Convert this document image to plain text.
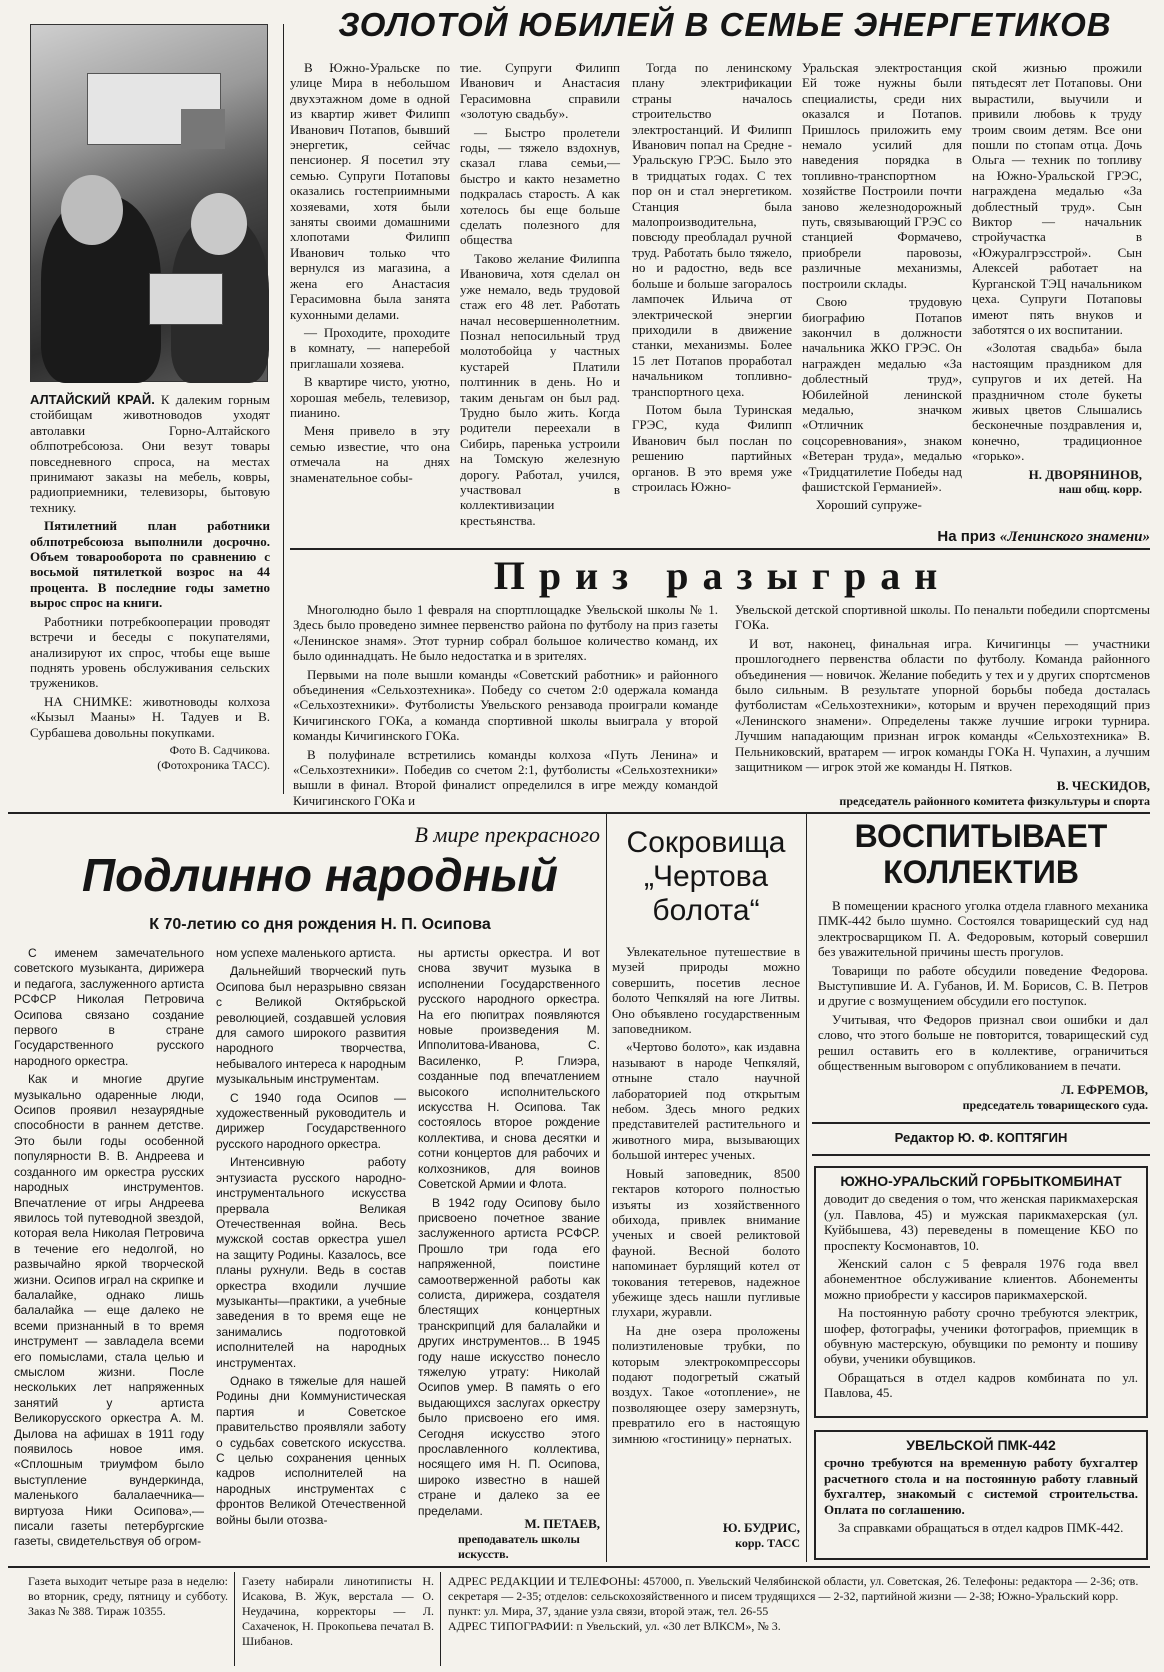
ЗОЛОТОЙ ЮБИЛЕЙ В СЕМЬЕ ЭНЕРГЕТИКОВ

АЛТАЙСКИЙ КРАЙ. К далеким горным стойбищам животноводов уходят автолавки Горно-Алтайского облпотребсоюза. Они везут товары повседневного спроса, на местах принимают заказы на мебель, ковры, радиоприемники, телевизоры, бытовую технику.

Пятилетний план работники облпотребсоюза выполнили досрочно. Объем товарооборота по сравнению с восьмой пятилеткой возрос на 44 процента. В последние годы заметно вырос спрос на книги.

Работники потребкооперации проводят встречи и беседы с покупателями, анализируют их спрос, чтобы еще выше поднять уровень обслуживания сельских тружеников.

НА СНИМКЕ: животноводы колхоза «Кызыл Мааны» Н. Тадуев и В. Сурбашева довольны покупками.

Фото В. Садчикова.
(Фотохроника ТАСС).

В Южно-Уральске по улице Мира в небольшом двухэтажном доме в одной из квартир живет Филипп Иванович Потапов, бывший энергетик, сейчас пенсионер. Я посетил эту семью. Супруги Потаповы оказались гостеприимными хозяевами, хотя были заняты своими домашними хлопотами Филипп Иванович только что вернулся из магазина, а жена его Анастасия Герасимовна была занята кухонными делами.

— Проходите, проходите в комнату, — наперебой приглашали хозяева.

В квартире чисто, уютно, хорошая мебель, телевизор, пианино.

Меня привело в эту семью известие, что она отмечала на днях знаменательное собы-

тие. Супруги Филипп Иванович и Анастасия Герасимовна справили «золотую свадьбу».

— Быстро пролетели годы, — тяжело вздохнув, сказал глава семьи,— быстро и както незаметно подкралась старость. А как хотелось бы еще больше сделать полезного для общества

Таково желание Филиппа Ивановича, хотя сделал он уже немало, ведь трудовой стаж его 48 лет. Работать начал несовершеннолетним. Познал непосильный труд молотобойца у частных кустарей Платили полтинник в день. Но и таким деньгам он был рад. Трудно было жить. Когда родители переехали в Сибирь, паренька устроили на Томскую железную дорогу. Работал, учился, участвовал в коллективизации крестьянства.

Тогда по ленинскому плану электрификации страны началось строительство электростанций. И Филипп Иванович попал на Средне - Уральскую ГРЭС. Было это в тридцатых годах. С тех пор он и стал энергетиком. Станция была малопроизводительна, повсюду преобладал ручной труд. Работать было тяжело, но и радостно, ведь все больше и больше загоралось лампочек Ильича от электрической энергии приходили в движение станки, механизмы. Более 15 лет Потапов проработал начальником топливно-транспортного цеха.

Потом была Туринская ГРЭС, куда Филипп Иванович был послан по решению партийных органов. В это время уже строилась Южно-

Уральская электростанция Ей тоже нужны были специалисты, среди них оказался и Потапов. Пришлось приложить ему немало усилий для наведения порядка в топливно-транспортном хозяйстве Построили почти заново железнодорожный путь, связывающий ГРЭС со станцией Формачево, приобрели паровозы, различные механизмы, построили склады.

Свою трудовую биографию Потапов закончил в должности начальника ЖКО ГРЭС. Он награжден медалью «За доблестный труд», Юбилейной ленинской медалью, значком «Отличник соцсоревнования», знаком «Ветеран труда», медалью «Тридцатилетие Победы над фашистской Германией».

Хороший супруже-

ской жизнью прожили пятьдесят лет Потаповы. Они вырастили, выучили и привили любовь к труду троим своим детям. Все они пошли по стопам отца. Дочь Ольга — техник по топливу на Южно-Уральской ГРЭС, награждена медалью «За доблестный труд». Сын Виктор — начальник стройучастка в «Южуралгрэсстрой». Сын Алексей работает на Курганской ТЭЦ начальником цеха. Супруги Потаповы имеют пять внуков и заботятся о их воспитании.

«Золотая свадьба» была настоящим праздником для супругов и их детей. На праздничном столе букеты живых цветов Слышались бесконечные поздравления и, конечно, традиционное «горько».

Н. ДВОРЯНИНОВ,
наш общ. корр.
На приз «Ленинского знамени»
Приз разыгран

Многолюдно было 1 февраля на спортплощадке Увельской школы № 1. Здесь было проведено зимнее первенство района по футболу на приз газеты «Ленинское знамя». Этот турнир собрал большое количество команд, их было одиннадцать. Не было недостатка и в зрителях.

Первыми на поле вышли команды «Советский работник» и районного объединения «Сельхозтехника». Победу со счетом 2:0 одержала команда «Сельхозтехники». Футболисты Увельского рензавода проиграли команде Кичигинского ГОКа, а команда спортивной школы выиграла у второй команды Кичигинского ГОКа.

В полуфинале встретились команды колхоза «Путь Ленина» и «Сельхозтехники». Победив со счетом 2:1, футболисты «Сельхозтехники» вышли в финал. Второй финалист определился в игре между командой Кичигинского ГОКа и

Увельской детской спортивной школы. По пенальти победили спортсмены ГОКа.

И вот, наконец, финальная игра. Кичигинцы — участники прошлогоднего первенства области по футболу. Команда районного объединения — новичок. Желание победить у тех и у других спортсменов было сильным. В результате упорной борьбы победа досталась футболистам «Сельхозтехники», которым и вручен переходящий приз «Ленинского знамени». Определены также лучшие игроки турнира. Лучшим нападающим признан игрок команды «Сельхозтехника» В. Пельниковский, вратарем — игрок команды ГОКа Н. Чупахин, а лучшим защитником — игрок этой же команды Н. Пятков.

В. ЧЕСКИДОВ,
председатель районного комитета физкультуры и спорта
В мире прекрасного
Подлинно народный
К 70-летию со дня рождения Н. П. Осипова

С именем замечательного советского музыканта, дирижера и педагога, заслуженного артиста РСФСР Николая Петровича Осипова связано создание первого в стране Государственного русского народного оркестра.

Как и многие другие музыкально одаренные люди, Осипов проявил незаурядные способности в раннем детстве. Это были годы особенной популярности В. В. Андреева и созданного им оркестра русских народных инструментов. Впечатление от игры Андреева явилось той путеводной звездой, которая вела Николая Петровича в течение его недолгой, но развычайно яркой творческой жизни. Осипов играл на скрипке и балалайке, однако лишь балалайка — еще далеко не всеми признанный в то время инструмент — завладела всеми его помыслами, стала целью и смыслом жизни. После нескольких лет напряженных занятий у артиста Великорусского оркестра А. М. Дылова на афишах в 1911 году появилось новое имя. «Сплошным триумфом было выступление вундеркинда, маленького балалаечника—виртуоза Ники Осипова»,—писали газеты петербургские газеты, свидетельствуя об огром-

ном успехе маленького артиста.

Дальнейший творческий путь Осипова был неразрывно связан с Великой Октябрьской революцией, создавшей условия для самого широкого развития народного творчества, небывалого интереса к народным музыкальным инструментам.

С 1940 года Осипов — художественный руководитель и дирижер Государственного русского народного оркестра.

Интенсивную работу энтузиаста русского народно-инструментального искусства прервала Великая Отечественная война. Весь мужской состав оркестра ушел на защиту Родины. Казалось, все планы рухнули. Ведь в состав оркестра входили лучшие музыканты—практики, а учебные заведения в то время еще не занимались подготовкой исполнителей на народных инструментах.

Однако в тяжелые для нашей Родины дни Коммунистическая партия и Советское правительство проявляли заботу о судьбах советского искусства. С целью сохранения ценных кадров исполнителей на народных инструментах с фронтов Великой Отечественной войны были отозва-

ны артисты оркестра. И вот снова звучит музыка в исполнении Государственного русского народного оркестра. На его пюпитрах появляются новые произведения М. Ипполитова-Иванова, С. Василенко, Р. Глиэра, созданные под впечатлением высокого исполнительского искусства Н. Осипова. Так состоялось второе рождение коллектива, и снова десятки и сотни концертов для рабочих и колхозников, для воинов Советской Армии и Флота.

В 1942 году Осипову было присвоено почетное звание заслуженного артиста РСФСР. Прошло три года его напряженной, поистине самоотверженной работы как солиста, дирижера, создателя блестящих концертных транскрипций для балалайки и других инструментов... В 1945 году наше искусство понесло тяжелую утрату: Николай Осипов умер. В память о его выдающихся заслугах оркестру было присвоено его имя. Сегодня искусство этого прославленного коллектива, носящего имя Н. П. Осипова, широко известно в нашей стране и далеко за ее пределами.

М. ПЕТАЕВ,
преподаватель школы искусств.
Сокровища
„Чертова
болота“

Увлекательное путешествие в музей природы можно совершить, посетив лесное болото Чепкяляй на юге Литвы. Оно объявлено государственным заповедником.

«Чертово болото», как издавна называют в народе Чепкяляй, отныне стало научной лабораторией под открытым небом. Здесь много редких представителей растительного и животного мира, вызывающих большой интерес ученых.

Новый заповедник, 8500 гектаров которого полностью изъяты из хозяйственного обихода, привлек внимание ученых и своей реликтовой фауной. Весной болото напоминает бурлящий котел от токования тетеревов, надежное убежище здесь нашли пугливые глухари, журавли.

На дне озера проложены полиэтиленовые трубки, по которым электрокомпрессоры подают подогретый сжатый воздух. Такое «отопление», не позволяющее озеру замерзнуть, превратило его в настоящую зимнюю «гостиницу» пернатых.

Ю. БУДРИС,
корр. ТАСС
ВОСПИТЫВАЕТ
КОЛЛЕКТИВ

В помещении красного уголка отдела главного механика ПМК-442 было шумно. Состоялся товарищеский суд над электросварщиком П. А. Федоровым, который совершил без уважительной причины шесть прогулов.

Товарищи по работе обсудили поведение Федорова. Выступившие И. А. Губанов, И. М. Борисов, С. В. Петров и другие с возмущением обсудили его поступок.

Учитывая, что Федоров признал свои ошибки и дал слово, что этого больше не повторится, товарищеский суд решил оставить его в коллективе, ограничиться общественным выговором с опубликованием в печати.

Л. ЕФРЕМОВ,
председатель товарищеского суда.
Редактор Ю. Ф. КОПТЯГИН
ЮЖНО-УРАЛЬСКИЙ ГОРБЫТКОМБИНАТ

доводит до сведения о том, что женская парикмахерская (ул. Павлова, 45) и мужская парикмахерская (ул. Куйбышева, 43) переведены в помещение КБО по проспекту Космонавтов, 10.

Женский салон с 5 февраля 1976 года ввел абонементное обслуживание клиентов. Абонементы можно приобрести у кассиров парикмахерской.

На постоянную работу срочно требуются электрик, шофер, фотографы, ученики фотографов, приемщик в обувную мастерскую, обувщики по ремонту и пошиву обуви, ученики обувщиков.

Обращаться в отдел кадров комбината по ул. Павлова, 45.

УВЕЛЬСКОЙ ПМК-442

срочно требуются на временную работу бухгалтер расчетного стола и на постоянную работу главный бухгалтер, знакомый с системой строительства. Оплата по соглашению.

За справками обращаться в отдел кадров ПМК-442.

Газета выходит четыре раза в неделю: во вторник, среду, пятницу и субботу. Заказ № 388. Тираж 10355.
Газету набирали линотиписты Н. Исакова, В. Жук, верстала — О. Неудачина, корректоры — Л. Сахаченок, Н. Прокопьева печатал В. Шибанов.
АДРЕС РЕДАКЦИИ И ТЕЛЕФОНЫ: 457000, п. Увельский Челябинской области, ул. Советская, 26. Телефоны: редактора — 2-36; отв. секретаря — 2-35; отделов: сельскохозяйственного и писем трудящихся — 2-32, партийной жизни — 2-38; Южно-Уральский корр. пункт: ул. Мира, 37, здание узла связи, второй этаж, тел. 26-55
АДРЕС ТИПОГРАФИИ: п Увельский, ул. «30 лет ВЛКСМ», № 3.
